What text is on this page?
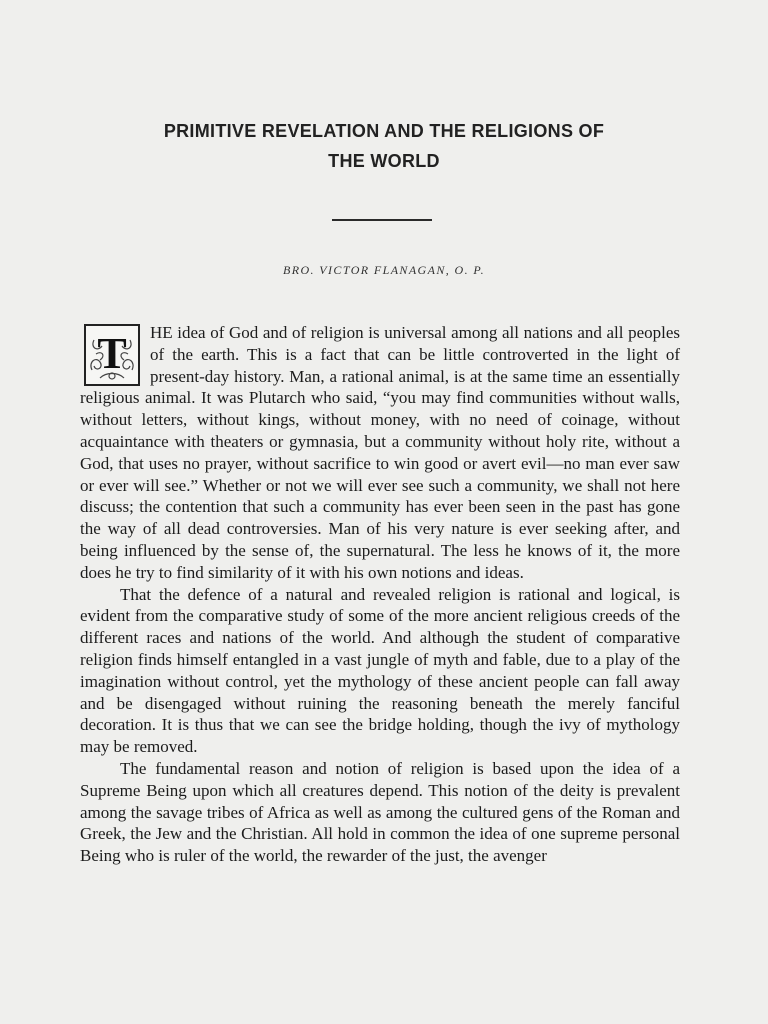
PRIMITIVE REVELATION AND THE RELIGIONS OF
THE WORLD
BRO. VICTOR FLANAGAN, O. P.

T	HE idea of God and of religion is universal among all nations and all peoples of the earth. This is a fact that can be little controverted in the light of present-day history. Man, a rational animal, is at the same time an essentially religious animal. It was Plutarch who said, “you may find communities without walls, without letters, without kings, without money, with no need of coinage, without acquaintance with theaters or gymnasia, but a community without holy rite, without a God, that uses no prayer, without sacrifice to win good or avert evil—no man ever saw or ever will see.” Whether or not we will ever see such a community, we shall not here discuss; the contention that such a community has ever been seen in the past has gone the way of all dead controversies. Man of his very nature is ever seeking after, and being influenced by the sense of, the supernatural. The less he knows of it, the more does he try to find similarity of it with his own notions and ideas.

That the defence of a natural and revealed religion is rational and logical, is evident from the comparative study of some of the more ancient religious creeds of the different races and nations of the world. And although the student of comparative religion finds himself entangled in a vast jungle of myth and fable, due to a play of the imagination without control, yet the mythology of these ancient people can fall away and be disengaged without ruining the reasoning beneath the merely fanciful decoration. It is thus that we can see the bridge holding, though the ivy of mythology may be removed.

The fundamental reason and notion of religion is based upon the idea of a Supreme Being upon which all creatures depend. This notion of the deity is prevalent among the savage tribes of Africa as well as among the cultured gens of the Roman and Greek, the Jew and the Christian. All hold in common the idea of one supreme personal Being who is ruler of the world, the rewarder of the just, the avenger
